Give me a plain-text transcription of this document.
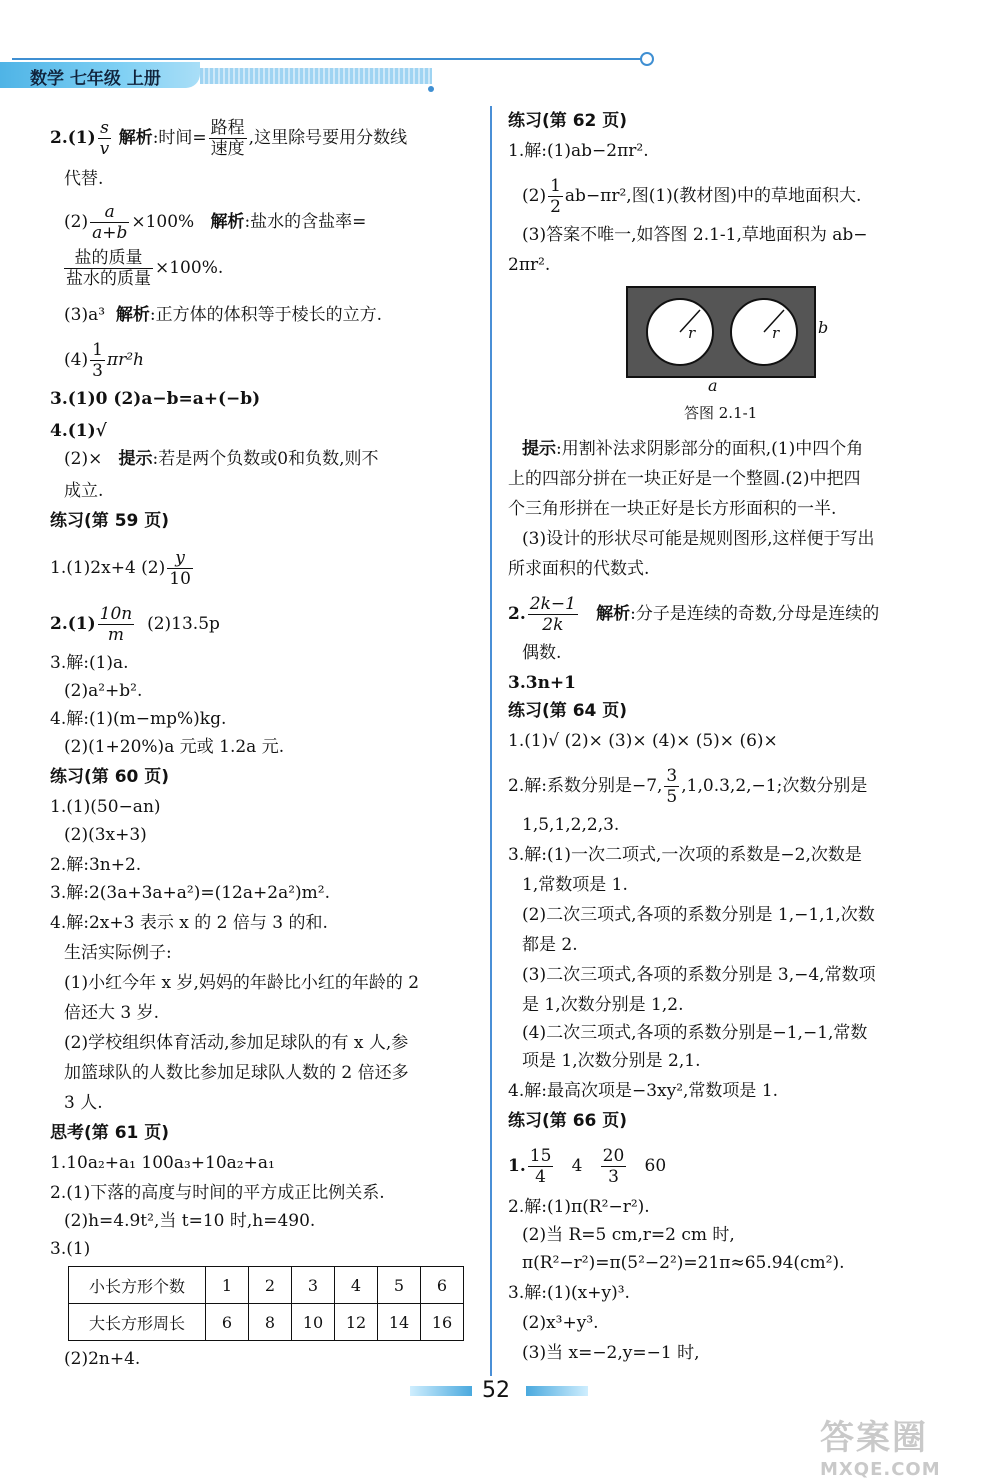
数学 七年级 上册
$2.(1) \frac{s}{v}$ 解析:时间= $\frac{\text{路程}}{\text{速度}}$ ,这里除号要用分数线
代替.
$(2) \frac{a}{a+b} \times 100\%$ 解析:盐水的含盐率=
$\frac{\text{盐的质量}}{\text{盐水的质量}} \times 100\%$.
(3)a³ 解析:正方体的体积等于棱长的立方.
$(4) \frac{1}{3} \pi r^2h$
3.(1)0 (2)a−b=a+(−b)
4.(1)√
(2)× 提示:若是两个负数或0和负数,则不
成立.
练习(第 59 页)
1.(1)2x+4 $(2) \frac{y}{10}$
$2.(1) \frac{10n}{m} (2)13.5p$
3.解:(1)a.
(2)a²+b².
4.解:(1)(m−mp%)kg.
(2)(1+20%)a 元或 1.2a 元.
练习(第 60 页)
1.(1)(50−an)
(2)(3x+3)
2.解:3n+2.
3.解:2(3a+3a+a²)=(12a+2a²)m².
4.解:2x+3 表示 x 的 2 倍与 3 的和.
生活实际例子:
(1)小红今年 x 岁,妈妈的年龄比小红的年龄的 2
倍还大 3 岁.
(2)学校组织体育活动,参加足球队的有 x 人,参
加篮球队的人数比参加足球队人数的 2 倍还多
3 人.
思考(第 61 页)
1.10a₂+a₁ 100a₃+10a₂+a₁
2.(1)下落的高度与时间的平方成正比例关系.
(2)h=4.9t²,当 t=10 时,h=490.
3.(1)
小长方形个数	1	2	3	4	5	6
大长方形周长	6	8	10	12	14	16
(2)2n+4.
练习(第 62 页)
1.解:(1)ab−2πr².
$(2) \frac{1}{2} ab-\pi r^2$,图(1)(教材图)中的草地面积大.
(3)答案不唯一,如答图 2.1-1,草地面积为 ab−
2πr².
r	r b
a
答图 2.1-1
提示:用割补法求阴影部分的面积,(1)中四个角
上的四部分拼在一块正好是一个整圆.(2)中把四
个三角形拼在一块正好是长方形面积的一半.
(3)设计的形状尽可能是规则图形,这样便于写出
所求面积的代数式.
2. $\frac{2k-1}{2k}$ 解析:分子是连续的奇数,分母是连续的
偶数.
3.3n+1
练习(第 64 页)
1.(1)√ (2)× (3)× (4)× (5)× (6)×
2.解:系数分别是−7, $\frac{3}{5} ,1,0.3,2,-1$;次数分别是
1,5,1,2,2,3.
3.解:(1)一次二项式,一次项的系数是−2,次数是
1,常数项是 1.
(2)二次三项式,各项的系数分别是 1,−1,1,次数
都是 2.
(3)二次三项式,各项的系数分别是 3,−4,常数项
是 1,次数分别是 1,2.
(4)二次三项式,各项的系数分别是−1,−1,常数
项是 1,次数分别是 2,1.
4.解:最高次项是−3xy²,常数项是 1.
练习(第 66 页)
1. $\frac{15}{4} 4 \frac{20}{3} 60$
2.解:(1)π(R²−r²).
(2)当 R=5 cm,r=2 cm 时,
π(R²−r²)=π(5²−2²)=21π≈65.94(cm²).
3.解:(1)(x+y)³.
(2)x³+y³.
(3)当 x=−2,y=−1 时,
52
答案圈
MXQE.COM
